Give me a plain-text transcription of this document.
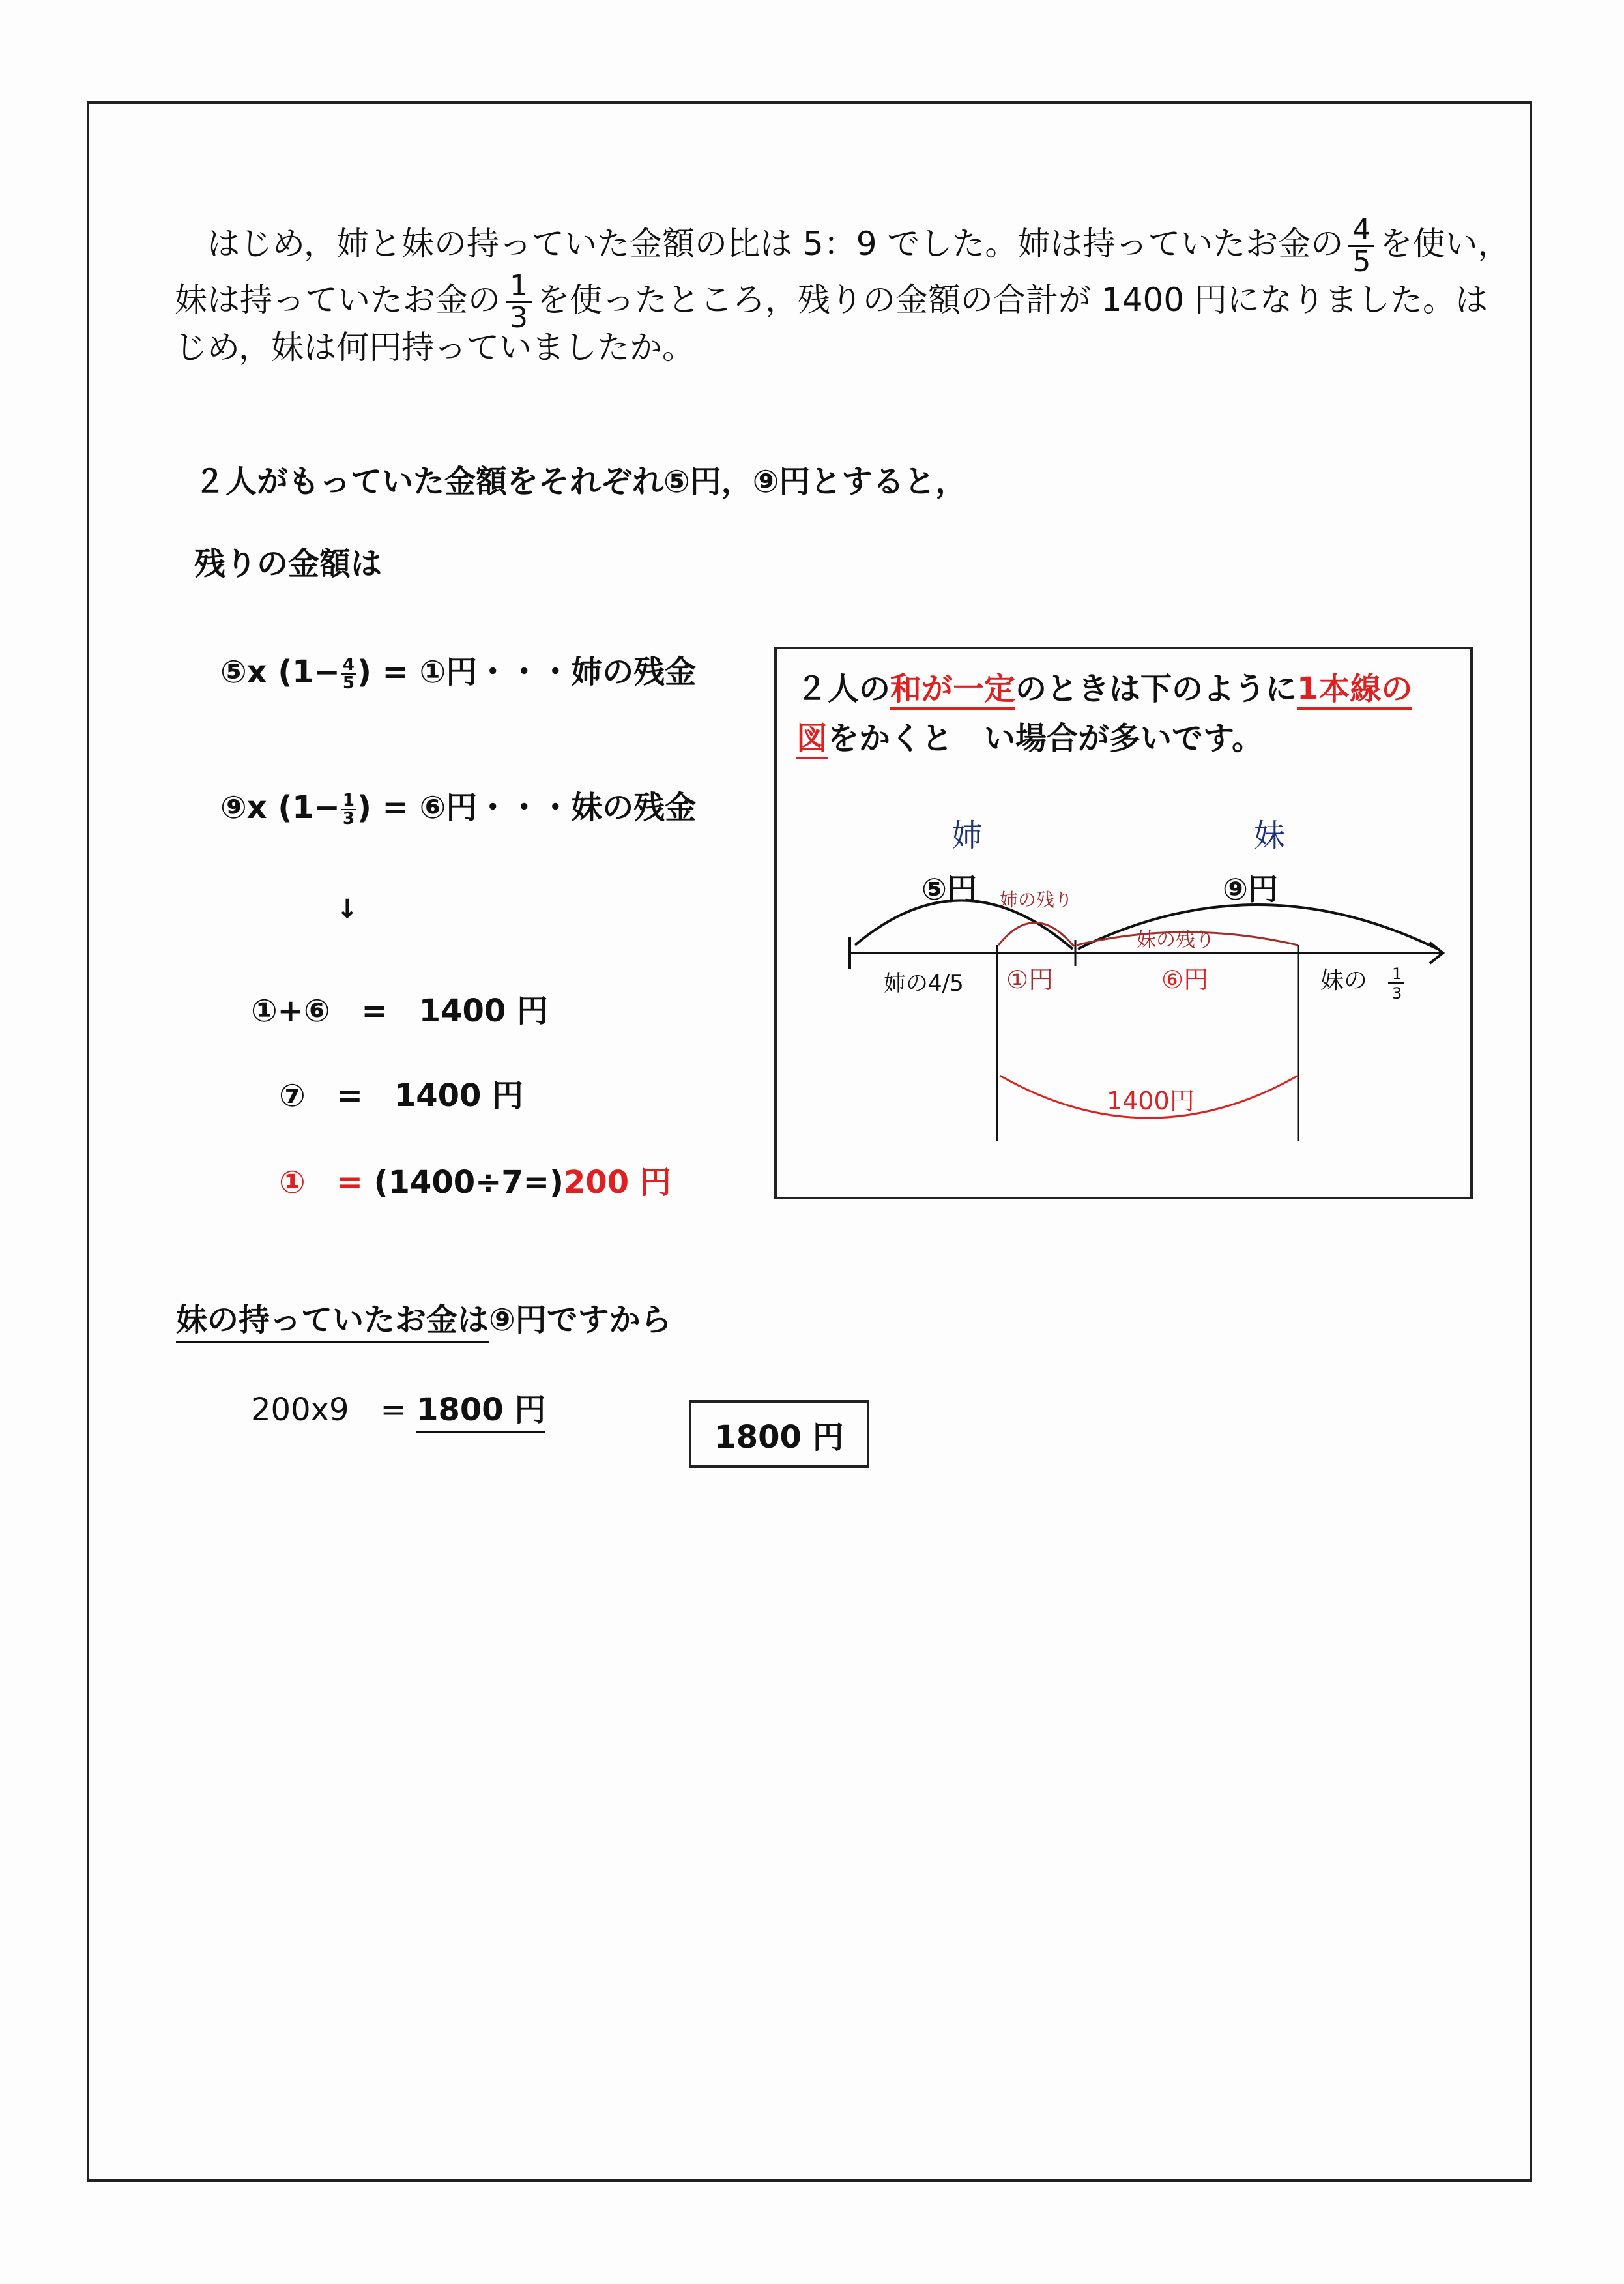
はじめ，姉と妹の持っていた金額の比は 5：9 でした。姉は持っていたお金の $\frac{4}{5}$ を使い，
妹は持っていたお金の $\frac{1}{3}$ を使ったところ，残りの金額の合計が 1400 円になりました。は
じめ，妹は何円持っていましたか。
２人がもっていた金額をそれぞれ⑤円，⑨円とすると，
残りの金額は
⑤x ($1- \frac{4}{5}$ ) = ①円・・・姉の残金
⑨x ($1- \frac{1}{3}$ ) = ⑥円・・・妹の残金
↓
①+⑥　=　1400 円
⑦　=　1400 円
①　= (1400÷7=)200 円
妹の持っていたお金は⑨円ですから
200x9　= 1800 円
1800 円
２人の和が一定のときは下のように1本線の
図をかくと　い場合が多いです。
姉
⑤円
妹
⑨円
姉の残り
妹の残り
姉の4/5 ①円	⑥円	妹の 1
3
1400円
